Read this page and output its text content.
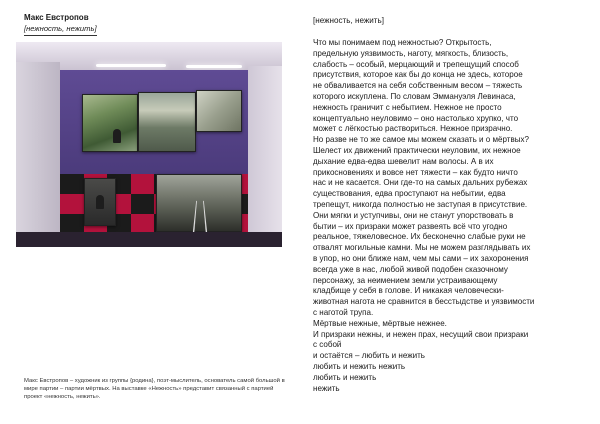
Макс Евстропов
[нежность, нежить]
Макс Евстропов – художник из группы {родина}, поэт-мыслитель, основатель самой большой в мире партии – партии мёртвых. На выставке «Нежность» представит связанный с партией проект «нежность, нежить».
[нежность, нежить]
Что мы понимаем под нежностью? Открытость,
предельную уязвимость, наготу, мягкость, близость,
слабость – особый, мерцающий и трепещущий способ
присутствия, которое как бы до конца не здесь, которое
не обваливается на себя собственным весом – тяжесть
которого искуплена. По словам Эммануэля Левинаса,
нежность граничит с небытием. Нежное не просто
концептуально неуловимо – оно настолько хрупко, что
может с лёгкостью раствориться. Нежное призрачно.
Но разве не то же самое мы можем сказать и о мёртвых?
Шелест их движений практически неуловим, их нежное
дыхание едва-едва шевелит нам волосы. А в их
прикосновениях и вовсе нет тяжести – как будто ничто
нас и не касается. Они где-то на самых дальних рубежах
существования, едва проступают на небытии, едва
трепещут, никогда полностью не заступая в присутствие.
Они мягки и уступчивы, они не станут упорствовать в
бытии – их призраки может развеять всё что угодно
реальное, тяжеловесное. Их бесконечно слабые руки не
отвалят могильные камни. Мы не можем разглядывать их
в упор, но они ближе нам, чем мы сами – их захоронения
всегда уже в нас, любой живой подобен сказочному
персонажу, за неимением земли устраивающему
кладбище у себя в голове. И никакая человечески-
животная нагота не сравнится в бесстыдстве и уязвимости
с наготой трупа.
Мёртвые нежные, мёртвые нежнее.
И призраки нежны, и нежен прах, несущий свои призраки
с собой
и остаётся – любить и нежить
любить и нежить нежить
любить и нежить
нежить
